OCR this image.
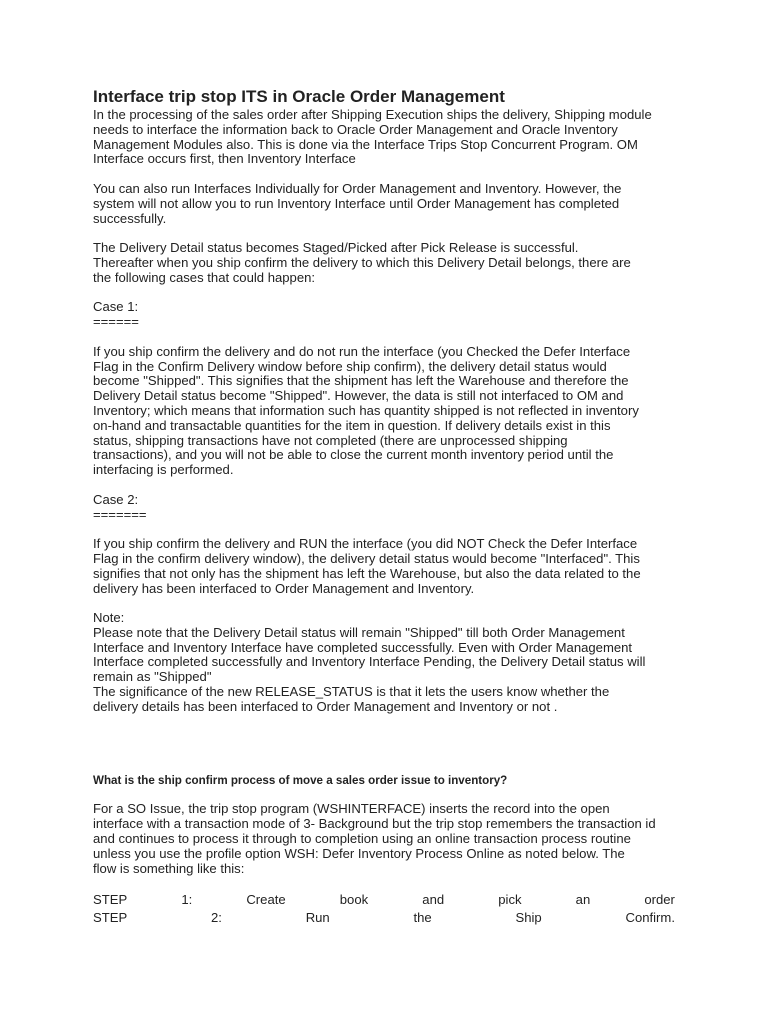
Interface trip stop ITS in Oracle Order Management

In the processing of the sales order after Shipping Execution ships the delivery, Shipping module
needs to interface the information back to Oracle Order Management and Oracle Inventory
Management Modules also. This is done via the Interface Trips Stop Concurrent Program. OM
Interface occurs first, then Inventory Interface

You can also run Interfaces Individually for Order Management and Inventory. However, the
system will not allow you to run Inventory Interface until Order Management has completed
successfully.

The Delivery Detail status becomes Staged/Picked after Pick Release is successful.
Thereafter when you ship confirm the delivery to which this Delivery Detail belongs, there are
the following cases that could happen:

Case 1:
======

If you ship confirm the delivery and do not run the interface (you Checked the Defer Interface
Flag in the Confirm Delivery window before ship confirm), the delivery detail status would
become "Shipped". This signifies that the shipment has left the Warehouse and therefore the
Delivery Detail status become "Shipped". However, the data is still not interfaced to OM and
Inventory; which means that information such has quantity shipped is not reflected in inventory
on-hand and transactable quantities for the item in question. If delivery details exist in this
status, shipping transactions have not completed (there are unprocessed shipping
transactions), and you will not be able to close the current month inventory period until the
interfacing is performed.

Case 2:
=======

If you ship confirm the delivery and RUN the interface (you did NOT Check the Defer Interface
Flag in the confirm delivery window), the delivery detail status would become "Interfaced". This
signifies that not only has the shipment has left the Warehouse, but also the data related to the
delivery has been interfaced to Order Management and Inventory.

Note:
Please note that the Delivery Detail status will remain "Shipped" till both Order Management
Interface and Inventory Interface have completed successfully. Even with Order Management
Interface completed successfully and Inventory Interface Pending, the Delivery Detail status will
remain as "Shipped"
The significance of the new RELEASE_STATUS is that it lets the users know whether the
delivery details has been interfaced to Order Management and Inventory or not .

What is the ship confirm process of move a sales order issue to inventory?

For a SO Issue, the trip stop program (WSHINTERFACE) inserts the record into the open
interface with a transaction mode of 3- Background but the trip stop remembers the transaction id
and continues to process it through to completion using an online transaction process routine
unless you use the profile option WSH: Defer Inventory Process Online as noted below. The
flow is something like this:

STEP	1:	Create	book	and	pick	an	order
STEP	2:	Run	the	Ship	Confirm.
